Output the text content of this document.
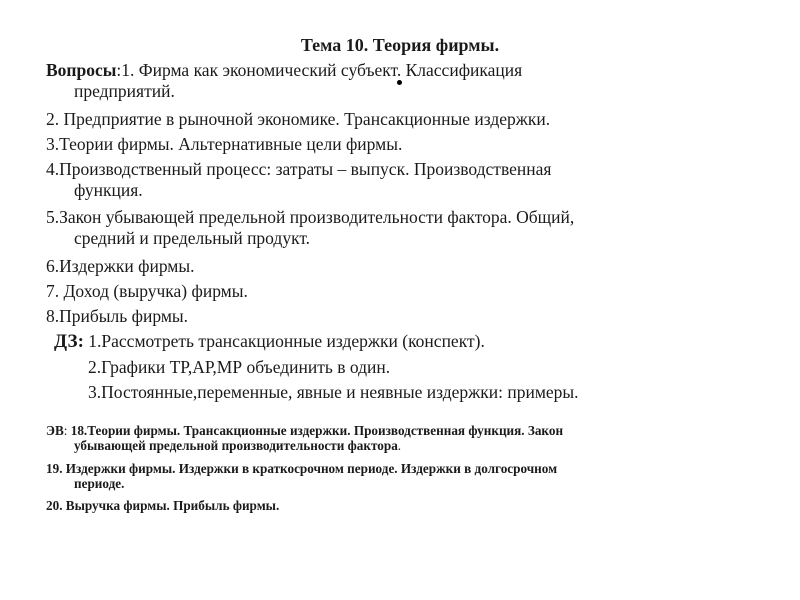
Тема 10. Теория фирмы.
Вопросы:1. Фирма как экономический субъект. Классификация
предприятий.
2. Предприятие в рыночной экономике. Трансакционные издержки.
3.Теории фирмы. Альтернативные цели фирмы.
4.Производственный процесс: затраты – выпуск. Производственная
функция.
5.Закон убывающей предельной производительности фактора. Общий,
средний и предельный продукт.
6.Издержки фирмы.
7. Доход (выручка) фирмы.
8.Прибыль фирмы.
ДЗ: 1.Рассмотреть трансакционные издержки (конспект).
2.Графики ТР,АР,МР объединить в один.
3.Постоянные,переменные, явные и неявные издержки: примеры.
ЭВ: 18.Теории фирмы. Трансакционные издержки. Производственная функция. Закон
убывающей предельной производительности фактора.
19. Издержки фирмы. Издержки в краткосрочном периоде. Издержки в долгосрочном
периоде.
20. Выручка фирмы. Прибыль фирмы.
